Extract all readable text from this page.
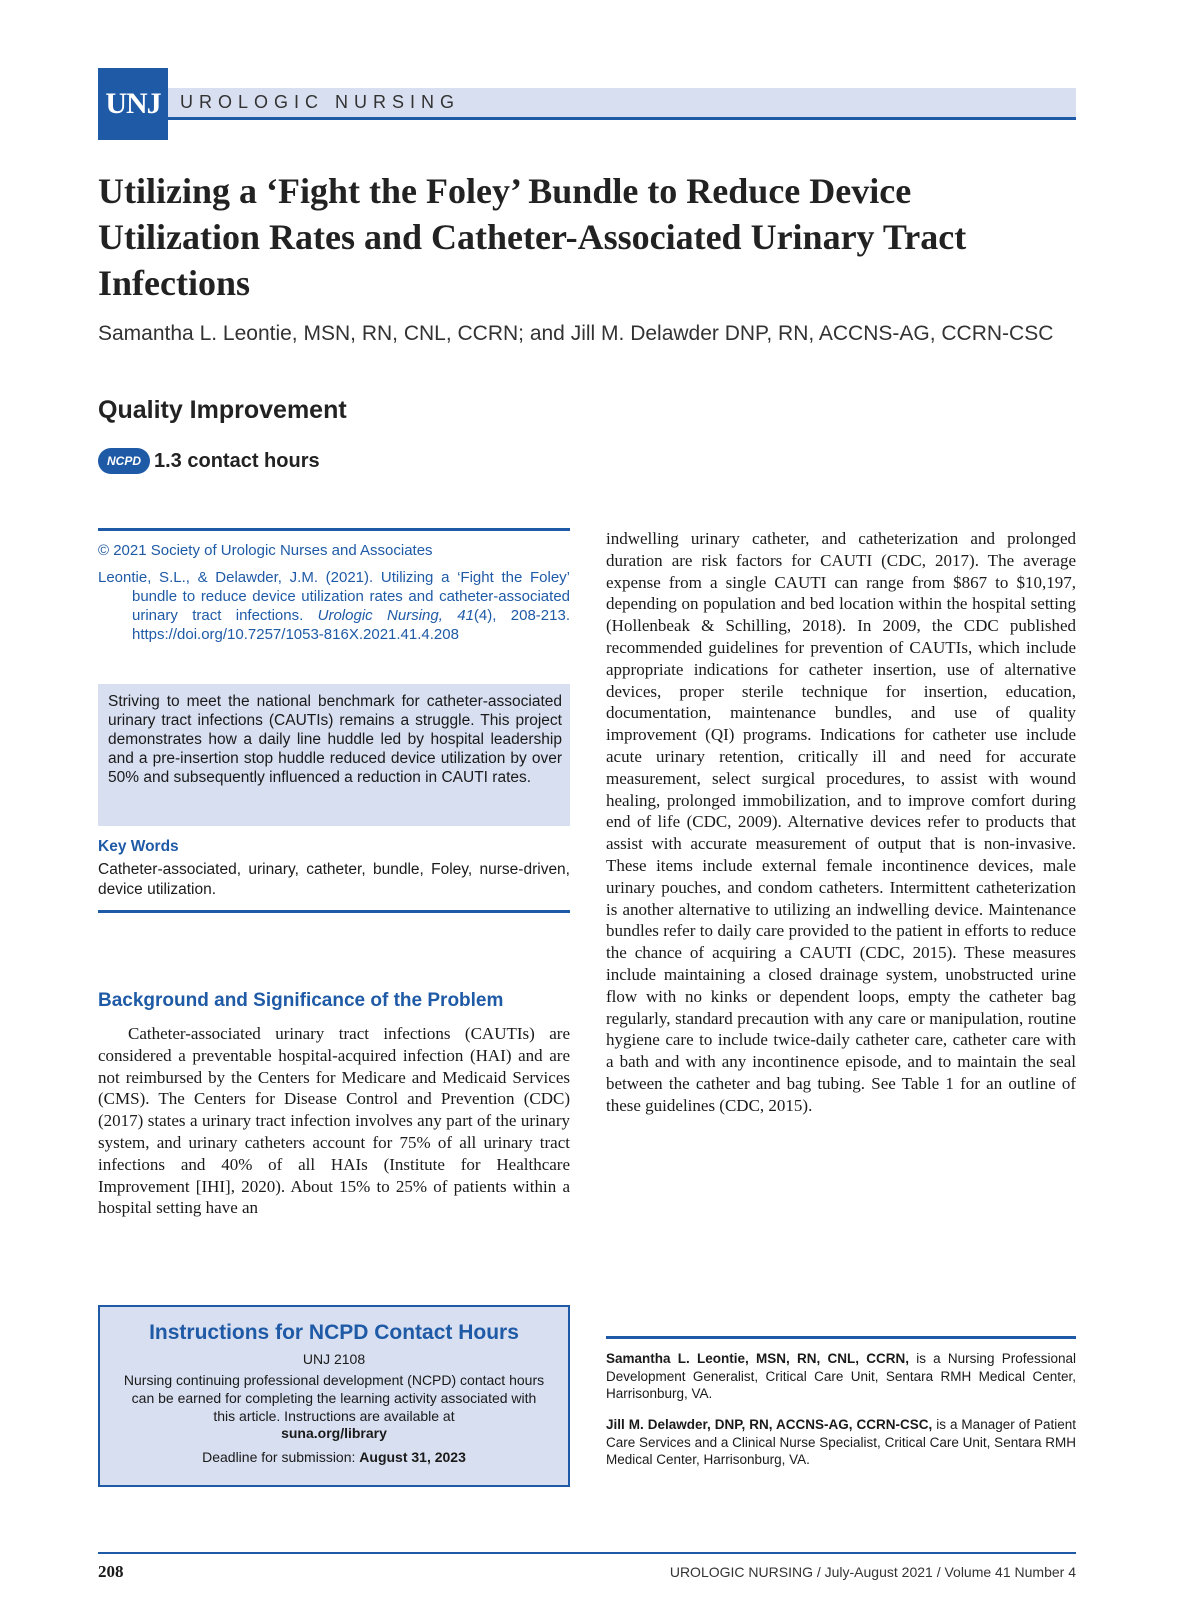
UNJ	UROLOGIC NURSING
Utilizing a ‘Fight the Foley’ Bundle to Reduce Device Utilization Rates and Catheter-Associated Urinary Tract Infections
Samantha L. Leontie, MSN, RN, CNL, CCRN; and Jill M. Delawder DNP, RN, ACCNS-AG, CCRN-CSC
Quality Improvement
NCPD 1.3 contact hours
© 2021 Society of Urologic Nurses and Associates
Leontie, S.L., & Delawder, J.M. (2021). Utilizing a ‘Fight the Foley’ bundle to reduce device utilization rates and catheter-associated urinary tract infections. Urologic Nursing, 41(4), 208-213. https://doi.org/10.7257/1053-816X.2021.41.4.208
Striving to meet the national benchmark for catheter-associated urinary tract infections (CAUTIs) remains a struggle. This project demonstrates how a daily line huddle led by hospital leadership and a pre-insertion stop huddle reduced device utilization by over 50% and subsequently influenced a reduction in CAUTI rates.
Key Words
Catheter-associated, urinary, catheter, bundle, Foley, nurse-driven, device utilization.
Background and Significance of the Problem

Catheter-associated urinary tract infections (CAUTIs) are considered a preventable hospital-acquired infection (HAI) and are not reimbursed by the Centers for Medicare and Medicaid Services (CMS). The Centers for Disease Control and Prevention (CDC) (2017) states a urinary tract infection involves any part of the urinary system, and urinary catheters account for 75% of all urinary tract infections and 40% of all HAIs (Institute for Healthcare Improvement [IHI], 2020). About 15% to 25% of patients within a hospital setting have an

Instructions for NCPD Contact Hours
UNJ 2108
Nursing continuing professional development (NCPD) contact hours can be earned for completing the learning activity associated with this article. Instructions are available at
suna.org/library
Deadline for submission: August 31, 2023

indwelling urinary catheter, and catheterization and prolonged duration are risk factors for CAUTI (CDC, 2017). The average expense from a single CAUTI can range from $867 to $10,197, depending on population and bed location within the hospital setting (Hollenbeak & Schilling, 2018). In 2009, the CDC published recommended guidelines for prevention of CAUTIs, which include appropriate indications for catheter insertion, use of alternative devices, proper sterile technique for insertion, education, documentation, maintenance bundles, and use of quality improvement (QI) programs. Indications for catheter use include acute urinary retention, critically ill and need for accurate measurement, select surgical procedures, to assist with wound healing, prolonged immobilization, and to improve comfort during end of life (CDC, 2009). Alternative devices refer to products that assist with accurate measurement of output that is non-invasive. These items include external female incontinence devices, male urinary pouches, and condom catheters. Intermittent catheterization is another alternative to utilizing an indwelling device. Maintenance bundles refer to daily care provided to the patient in efforts to reduce the chance of acquiring a CAUTI (CDC, 2015). These measures include maintaining a closed drainage system, unobstructed urine flow with no kinks or dependent loops, empty the catheter bag regularly, standard precaution with any care or manipulation, routine hygiene care to include twice-daily catheter care, catheter care with a bath and with any incontinence episode, and to maintain the seal between the catheter and bag tubing. See Table 1 for an outline of these guidelines (CDC, 2015).

Samantha L. Leontie, MSN, RN, CNL, CCRN, is a Nursing Professional Development Generalist, Critical Care Unit, Sentara RMH Medical Center, Harrisonburg, VA.
Jill M. Delawder, DNP, RN, ACCNS-AG, CCRN-CSC, is a Manager of Patient Care Services and a Clinical Nurse Specialist, Critical Care Unit, Sentara RMH Medical Center, Harrisonburg, VA.
208	UROLOGIC NURSING / July-August 2021 / Volume 41 Number 4
